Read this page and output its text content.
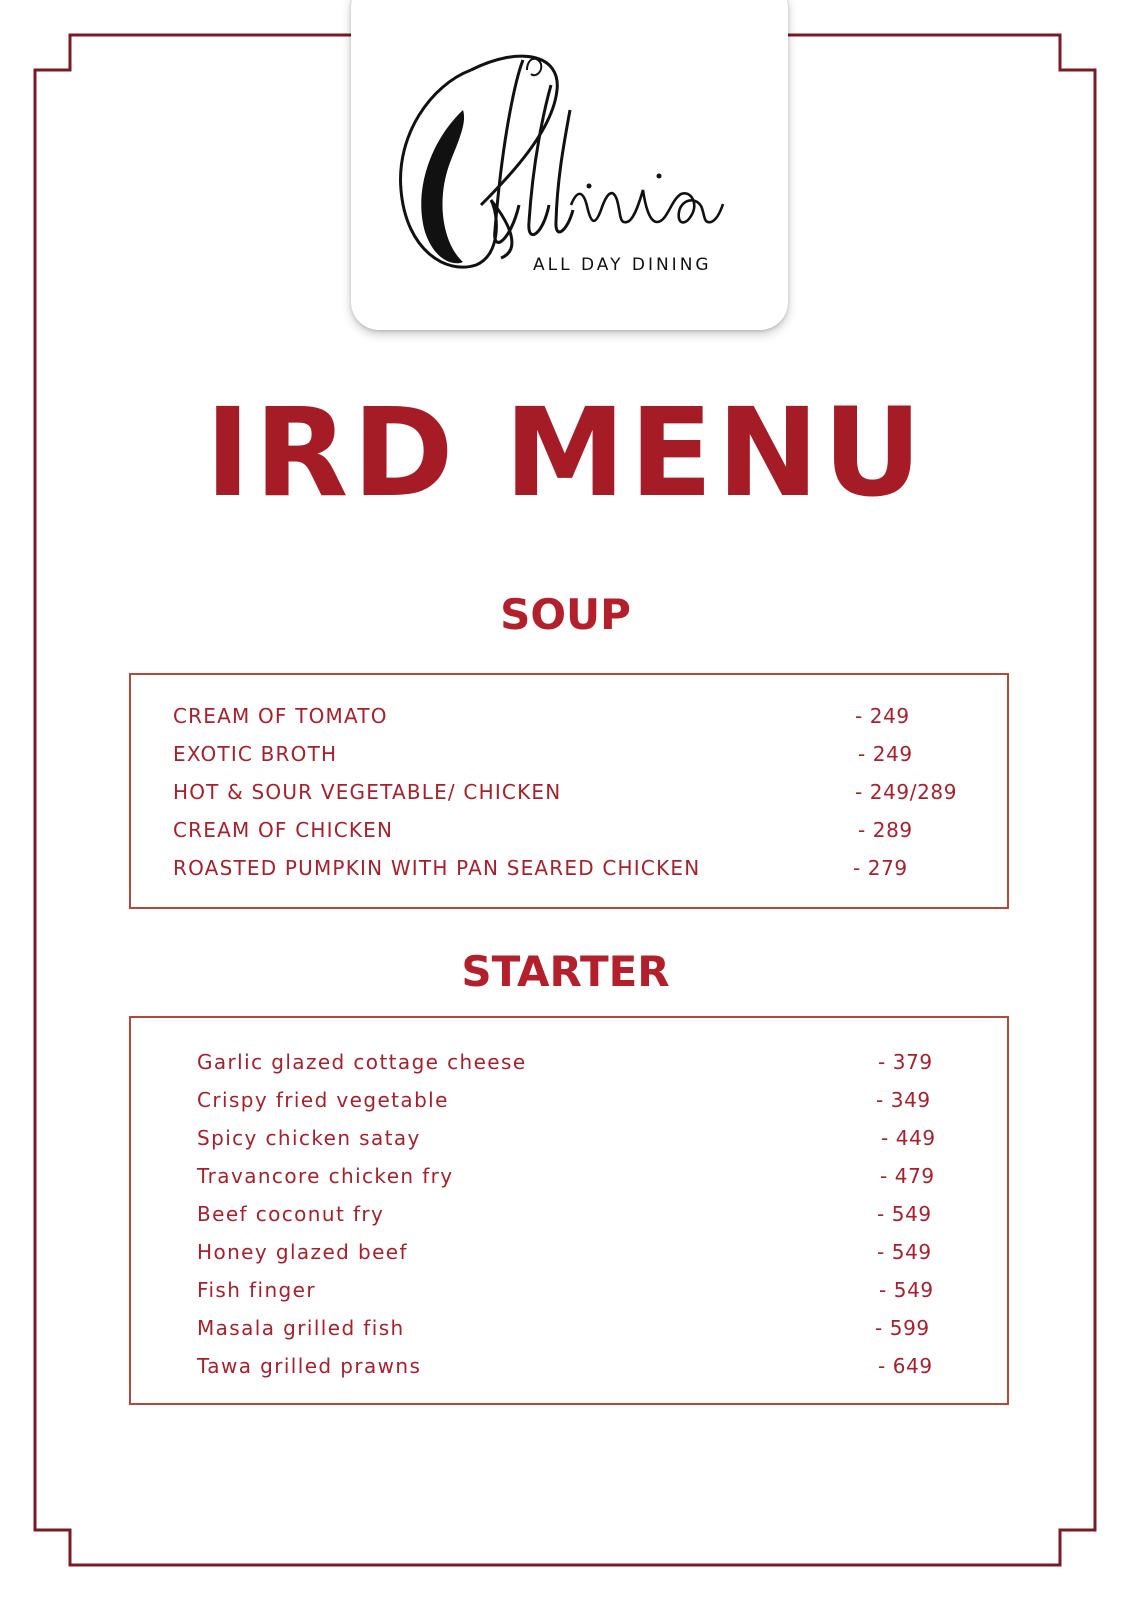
ALL DAY DINING
IRD MENU
SOUP
CREAM OF TOMATO	- 249
EXOTIC BROTH	- 249
HOT & SOUR VEGETABLE/ CHICKEN	- 249/289
CREAM OF CHICKEN	- 289
ROASTED PUMPKIN WITH PAN SEARED CHICKEN	- 279
STARTER
Garlic glazed cottage cheese	- 379
Crispy fried vegetable	- 349
Spicy chicken satay	- 449
Travancore chicken fry	- 479
Beef coconut fry	- 549
Honey glazed beef	- 549
Fish finger	- 549
Masala grilled fish	- 599
Tawa grilled prawns	- 649
